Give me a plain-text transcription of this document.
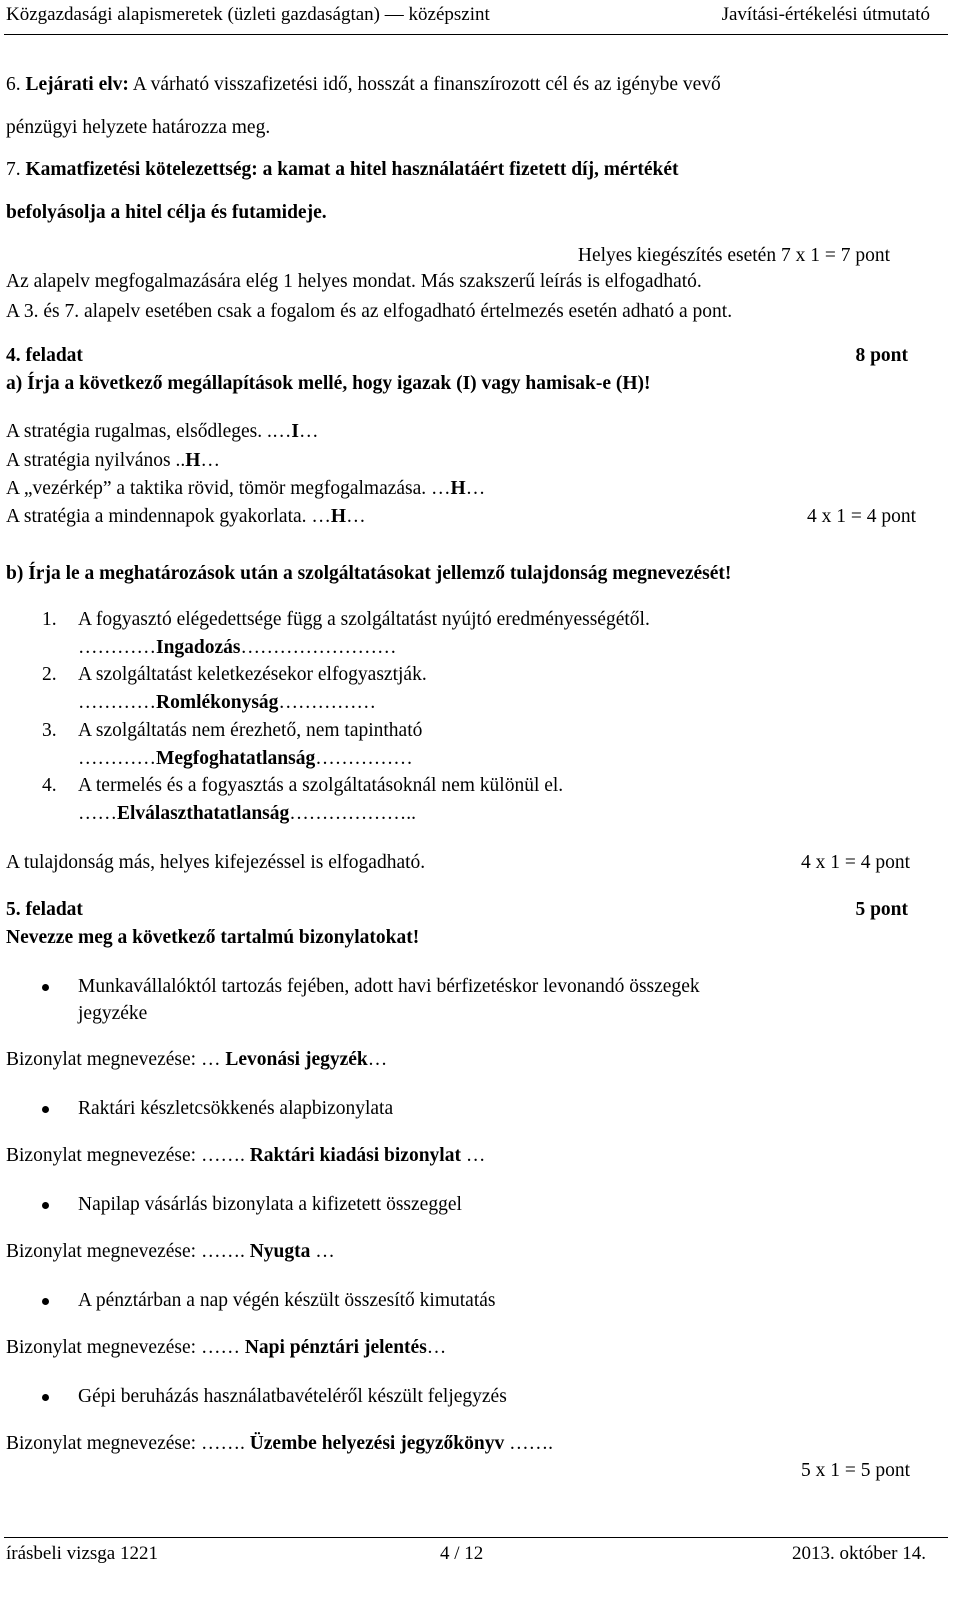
Közgazdasági alapismeretek (üzleti gazdaságtan) — középszint	Javítási-értékelési útmutató
6. Lejárati elv: A várható visszafizetési idő, hosszát a finanszírozott cél és az igénybe vevő
pénzügyi helyzete határozza meg.
7. Kamatfizetési kötelezettség: a kamat a hitel használatáért fizetett díj, mértékét
befolyásolja a hitel célja és futamideje.
Helyes kiegészítés esetén 7 x 1 = 7 pont
Az alapelv megfogalmazására elég 1 helyes mondat. Más szakszerű leírás is elfogadható.
A 3. és 7. alapelv esetében csak a fogalom és az elfogadható értelmezés esetén adható a pont.
4. feladat	8 pont
a) Írja a következő megállapítások mellé, hogy igazak (I) vagy hamisak-e (H)!
A stratégia rugalmas, elsődleges. .…I…
A stratégia nyilvános ..H…
A „vezérkép” a taktika rövid, tömör megfogalmazása. …H…
A stratégia a mindennapok gyakorlata. …H…	4 x 1 = 4 pont
b) Írja le a meghatározások után a szolgáltatásokat jellemző tulajdonság megnevezését!
1. A fogyasztó elégedettsége függ a szolgáltatást nyújtó eredményességétől.
…………Ingadozás……………………
2. A szolgáltatást keletkezésekor elfogyasztják.
…………Romlékonyság……………
3. A szolgáltatás nem érezhető, nem tapintható
…………Megfoghatatlanság……………
4. A termelés és a fogyasztás a szolgáltatásoknál nem különül el.
……Elválaszthatatlanság………………..
A tulajdonság más, helyes kifejezéssel is elfogadható.	4 x 1 = 4 pont
5. feladat	5 pont
Nevezze meg a következő tartalmú bizonylatokat!
Munkavállalóktól tartozás fejében, adott havi bérfizetéskor levonandó összegek
jegyzéke
Bizonylat megnevezése: … Levonási jegyzék…
Raktári készletcsökkenés alapbizonylata
Bizonylat megnevezése: ……. Raktári kiadási bizonylat …
Napilap vásárlás bizonylata a kifizetett összeggel
Bizonylat megnevezése: ……. Nyugta …
A pénztárban a nap végén készült összesítő kimutatás
Bizonylat megnevezése: …… Napi pénztári jelentés…
Gépi beruházás használatbavételéről készült feljegyzés
Bizonylat megnevezése: ……. Üzembe helyezési jegyzőkönyv …….
5 x 1 = 5 pont
írásbeli vizsga 1221	4 / 12	2013. október 14.
